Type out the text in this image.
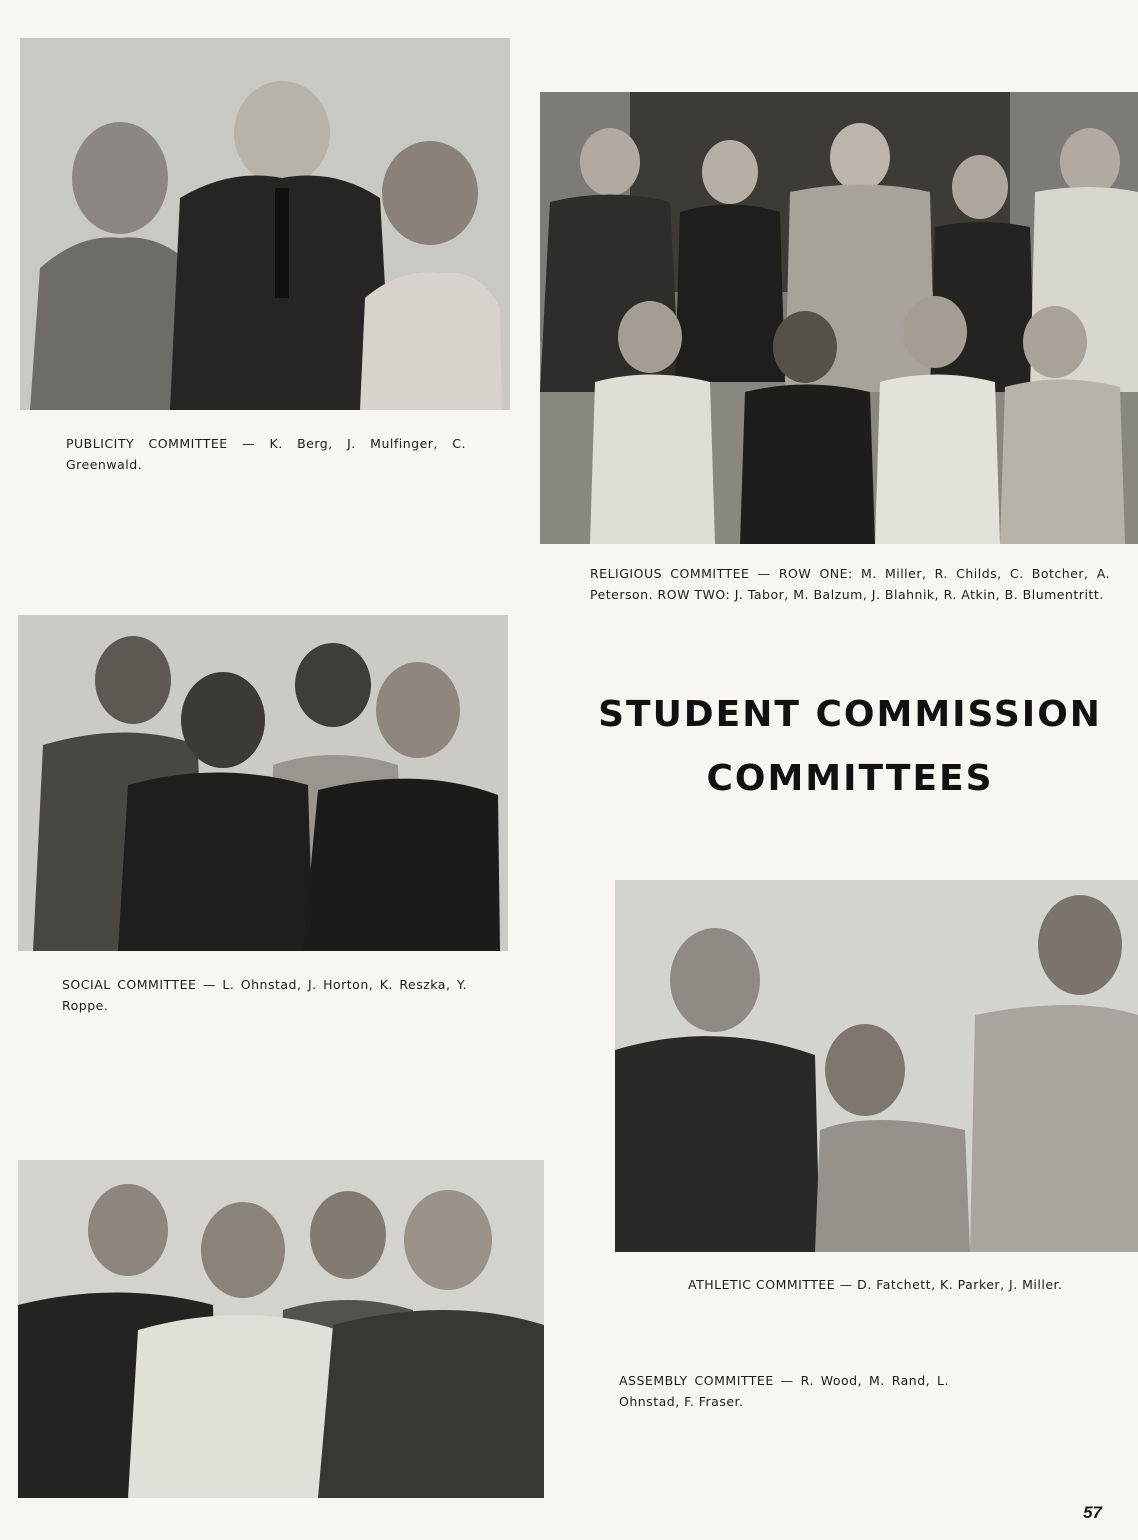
PUBLICITY COMMITTEE — K. Berg, J. Mulfinger, C. Greenwald.
RELIGIOUS COMMITTEE — ROW ONE: M. Miller, R. Childs, C. Botcher, A. Peterson. ROW TWO: J. Tabor, M. Balzum, J. Blahnik, R. Atkin, B. Blumentritt.
SOCIAL COMMITTEE — L. Ohnstad, J. Horton, K. Reszka, Y. Roppe.
STUDENT COMMISSION
COMMITTEES
ATHLETIC COMMITTEE — D. Fatchett, K. Parker, J. Miller.
ASSEMBLY COMMITTEE — R. Wood, M. Rand, L. Ohnstad, F. Fraser.
57
